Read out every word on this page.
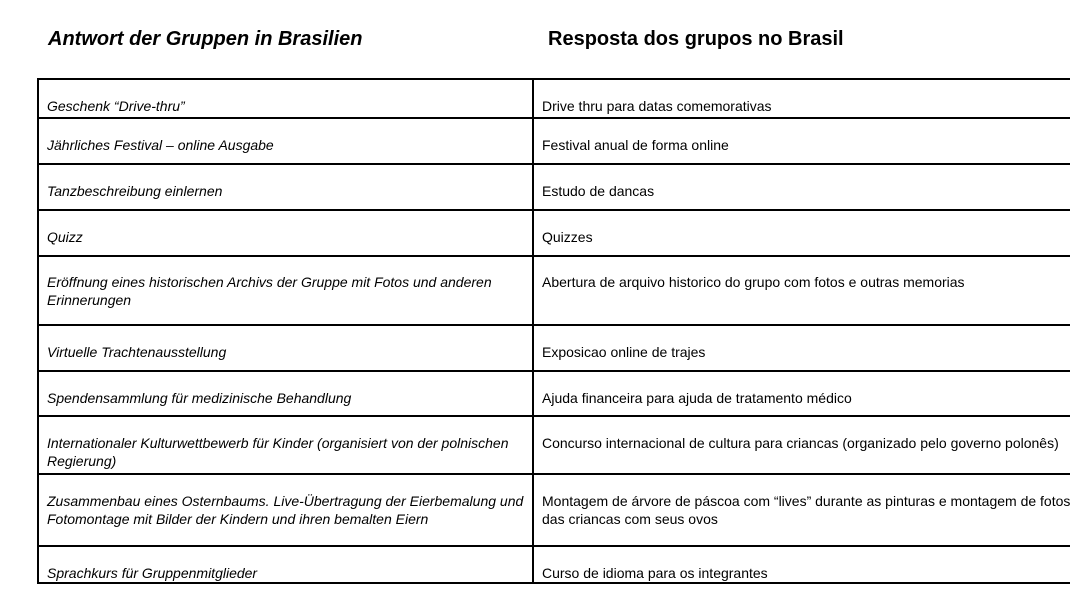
Antwort der Gruppen in Brasilien	Resposta dos grupos no Brasil
Geschenk “Drive-thru”	Drive thru para datas comemorativas

Jährliches Festival – online Ausgabe	Festival anual de forma online

Tanzbeschreibung einlernen	Estudo de dancas

Quizz	Quizzes

Eröffnung eines historischen Archivs der Gruppe mit Fotos und anderen Erinnerungen	Abertura de arquivo historico do grupo com fotos e outras memorias

Virtuelle Trachtenausstellung	Exposicao online de trajes

Spendensammlung für medizinische Behandlung	Ajuda financeira para ajuda de tratamento médico

Internationaler Kulturwettbewerb für Kinder (organisiert von der polnischen Regierung)	Concurso internacional de cultura para criancas (organizado pelo governo polonês)

Zusammenbau eines Osternbaums. Live-Übertragung der Eierbemalung und Fotomontage mit Bilder der Kindern und ihren bemalten Eiern	Montagem de árvore de páscoa com “lives” durante as pinturas e montagem de fotos das criancas com seus ovos

Sprachkurs für Gruppenmitglieder	Curso de idioma para os integrantes
